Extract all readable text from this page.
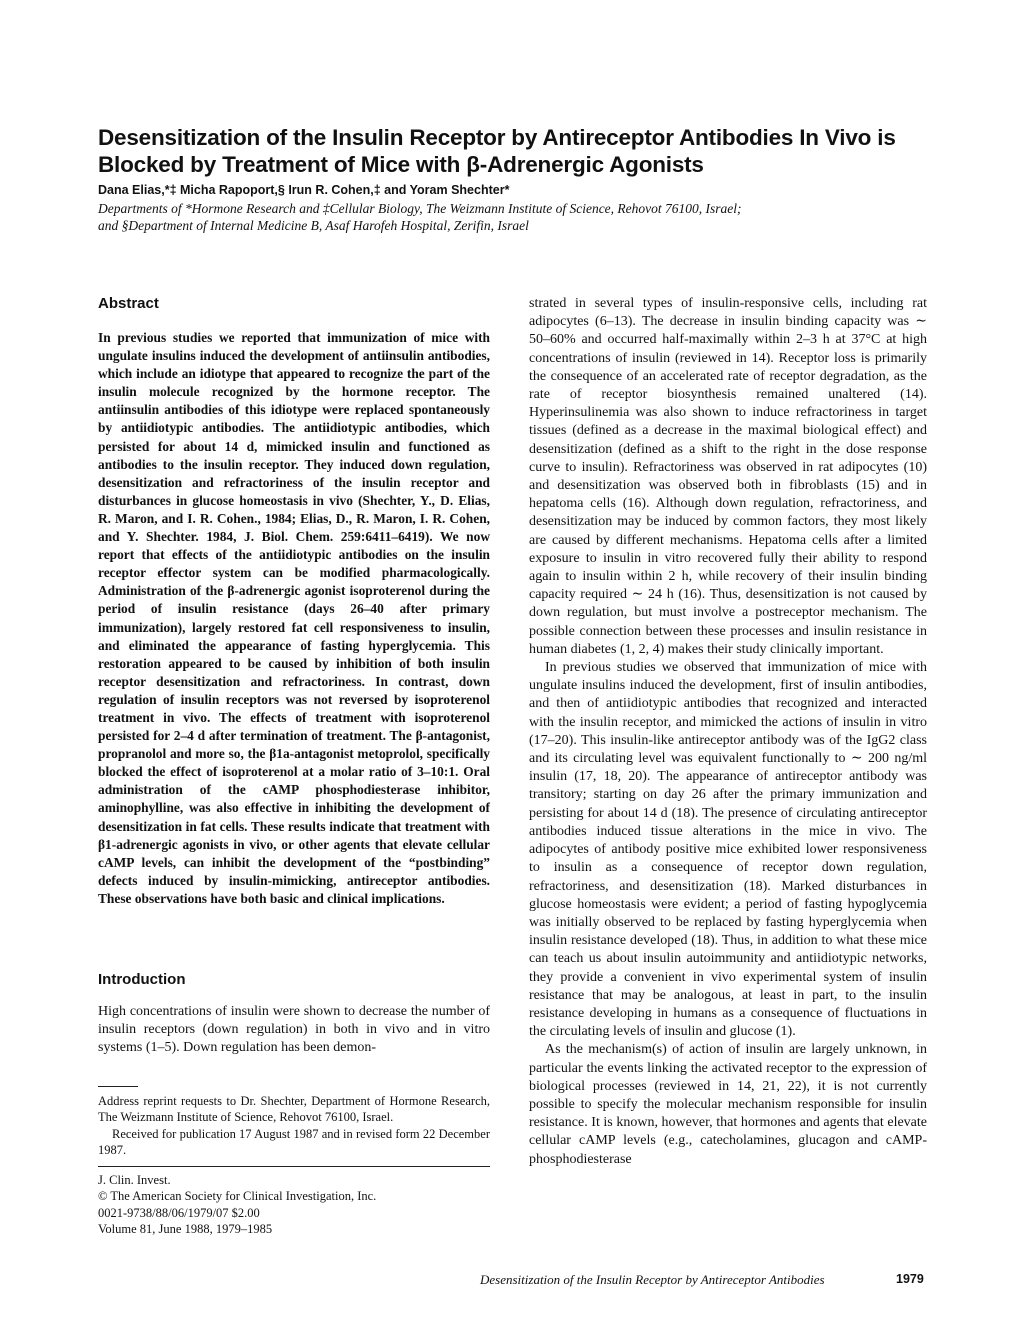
Desensitization of the Insulin Receptor by Antireceptor Antibodies In Vivo is
Blocked by Treatment of Mice with β-Adrenergic Agonists
Dana Elias,*‡ Micha Rapoport,§ Irun R. Cohen,‡ and Yoram Shechter*
Departments of *Hormone Research and ‡Cellular Biology, The Weizmann Institute of Science, Rehovot 76100, Israel;
and §Department of Internal Medicine B, Asaf Harofeh Hospital, Zerifin, Israel
Abstract

In previous studies we reported that immunization of mice with ungulate insulins induced the development of antiinsulin antibodies, which include an idiotype that appeared to recognize the part of the insulin molecule recognized by the hormone receptor. The antiinsulin antibodies of this idiotype were replaced spontaneously by antiidiotypic antibodies. The antiidiotypic antibodies, which persisted for about 14 d, mimicked insulin and functioned as antibodies to the insulin receptor. They induced down regulation, desensitization and refractoriness of the insulin receptor and disturbances in glucose homeostasis in vivo (Shechter, Y., D. Elias, R. Maron, and I. R. Cohen., 1984; Elias, D., R. Maron, I. R. Cohen, and Y. Shechter. 1984, J. Biol. Chem. 259:6411–6419). We now report that effects of the antiidiotypic antibodies on the insulin receptor effector system can be modified pharmacologically. Administration of the β-adrenergic agonist isoproterenol during the period of insulin resistance (days 26–40 after primary immunization), largely restored fat cell responsiveness to insulin, and eliminated the appearance of fasting hyperglycemia. This restoration appeared to be caused by inhibition of both insulin receptor desensitization and refractoriness. In contrast, down regulation of insulin receptors was not reversed by isoproterenol treatment in vivo. The effects of treatment with isoproterenol persisted for 2–4 d after termination of treatment. The β-antagonist, propranolol and more so, the β1a-antagonist metoprolol, specifically blocked the effect of isoproterenol at a molar ratio of 3–10:1. Oral administration of the cAMP phosphodiesterase inhibitor, aminophylline, was also effective in inhibiting the development of desensitization in fat cells. These results indicate that treatment with β1-adrenergic agonists in vivo, or other agents that elevate cellular cAMP levels, can inhibit the development of the “postbinding” defects induced by insulin-mimicking, antireceptor antibodies. These observations have both basic and clinical implications.

Introduction

High concentrations of insulin were shown to decrease the number of insulin receptors (down regulation) in both in vivo and in vitro systems (1–5). Down regulation has been demon-

Address reprint requests to Dr. Shechter, Department of Hormone Research, The Weizmann Institute of Science, Rehovot 76100, Israel.

Received for publication 17 August 1987 and in revised form 22 December 1987.

J. Clin. Invest.
© The American Society for Clinical Investigation, Inc.
0021-9738/88/06/1979/07 $2.00
Volume 81, June 1988, 1979–1985

strated in several types of insulin-responsive cells, including rat adipocytes (6–13). The decrease in insulin binding capacity was ∼ 50–60% and occurred half-maximally within 2–3 h at 37°C at high concentrations of insulin (reviewed in 14). Receptor loss is primarily the consequence of an accelerated rate of receptor degradation, as the rate of receptor biosynthesis remained unaltered (14). Hyperinsulinemia was also shown to induce refractoriness in target tissues (defined as a decrease in the maximal biological effect) and desensitization (defined as a shift to the right in the dose response curve to insulin). Refractoriness was observed in rat adipocytes (10) and desensitization was observed both in fibroblasts (15) and in hepatoma cells (16). Although down regulation, refractoriness, and desensitization may be induced by common factors, they most likely are caused by different mechanisms. Hepatoma cells after a limited exposure to insulin in vitro recovered fully their ability to respond again to insulin within 2 h, while recovery of their insulin binding capacity required ∼ 24 h (16). Thus, desensitization is not caused by down regulation, but must involve a postreceptor mechanism. The possible connection between these processes and insulin resistance in human diabetes (1, 2, 4) makes their study clinically important.

In previous studies we observed that immunization of mice with ungulate insulins induced the development, first of insulin antibodies, and then of antiidiotypic antibodies that recognized and interacted with the insulin receptor, and mimicked the actions of insulin in vitro (17–20). This insulin-like antireceptor antibody was of the IgG2 class and its circulating level was equivalent functionally to ∼ 200 ng/ml insulin (17, 18, 20). The appearance of antireceptor antibody was transitory; starting on day 26 after the primary immunization and persisting for about 14 d (18). The presence of circulating antireceptor antibodies induced tissue alterations in the mice in vivo. The adipocytes of antibody positive mice exhibited lower responsiveness to insulin as a consequence of receptor down regulation, refractoriness, and desensitization (18). Marked disturbances in glucose homeostasis were evident; a period of fasting hypoglycemia was initially observed to be replaced by fasting hyperglycemia when insulin resistance developed (18). Thus, in addition to what these mice can teach us about insulin autoimmunity and antiidiotypic networks, they provide a convenient in vivo experimental system of insulin resistance that may be analogous, at least in part, to the insulin resistance developing in humans as a consequence of fluctuations in the circulating levels of insulin and glucose (1).

As the mechanism(s) of action of insulin are largely unknown, in particular the events linking the activated receptor to the expression of biological processes (reviewed in 14, 21, 22), it is not currently possible to specify the molecular mechanism responsible for insulin resistance. It is known, however, that hormones and agents that elevate cellular cAMP levels (e.g., catecholamines, glucagon and cAMP-phosphodiesterase

Desensitization of the Insulin Receptor by Antireceptor Antibodies	1979
